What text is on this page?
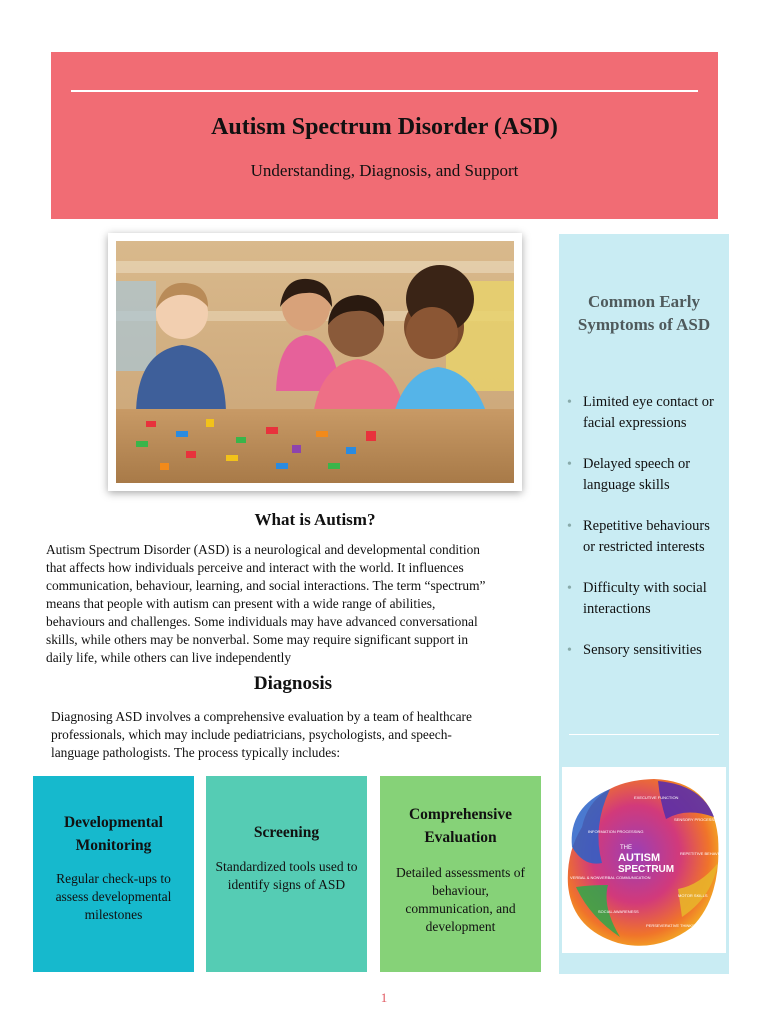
Autism Spectrum Disorder (ASD)
Understanding, Diagnosis, and Support
What is Autism?

Autism Spectrum Disorder (ASD) is a neurological and developmental condition

that affects how individuals perceive and interact with the world. It influences

communication, behaviour, learning, and social interactions. The term “spectrum”

means that people with autism can present with a wide range of abilities,

behaviours and challenges. Some individuals may have advanced conversational

skills, while others may be nonverbal. Some may require significant support in

daily life, while others can live independently

Diagnosis

Diagnosing ASD involves a comprehensive evaluation by a team of healthcare

professionals, which may include pediatricians, psychologists, and speech-

language pathologists. The process typically includes:

Developmental Monitoring
Regular check-ups to assess developmental milestones
Screening
Standardized tools used to identify signs of ASD
Comprehensive Evaluation
Detailed assessments of behaviour, communication, and development
Common Early Symptoms of ASD
• Limited eye contact or facial expressions
• Delayed speech or language skills
• Repetitive behaviours or restricted interests
• Difficulty with social interactions
• Sensory sensitivities
THE
AUTISM
SPECTRUM
EXECUTIVE FUNCTION
SENSORY PROCESSING
INFORMATION PROCESSING
REPETITIVE BEHAVIOURS
VERBAL & NONVERBAL COMMUNICATION
MOTOR SKILLS
SOCIAL AWARENESS
PERSEVERATIVE THINKING
1
